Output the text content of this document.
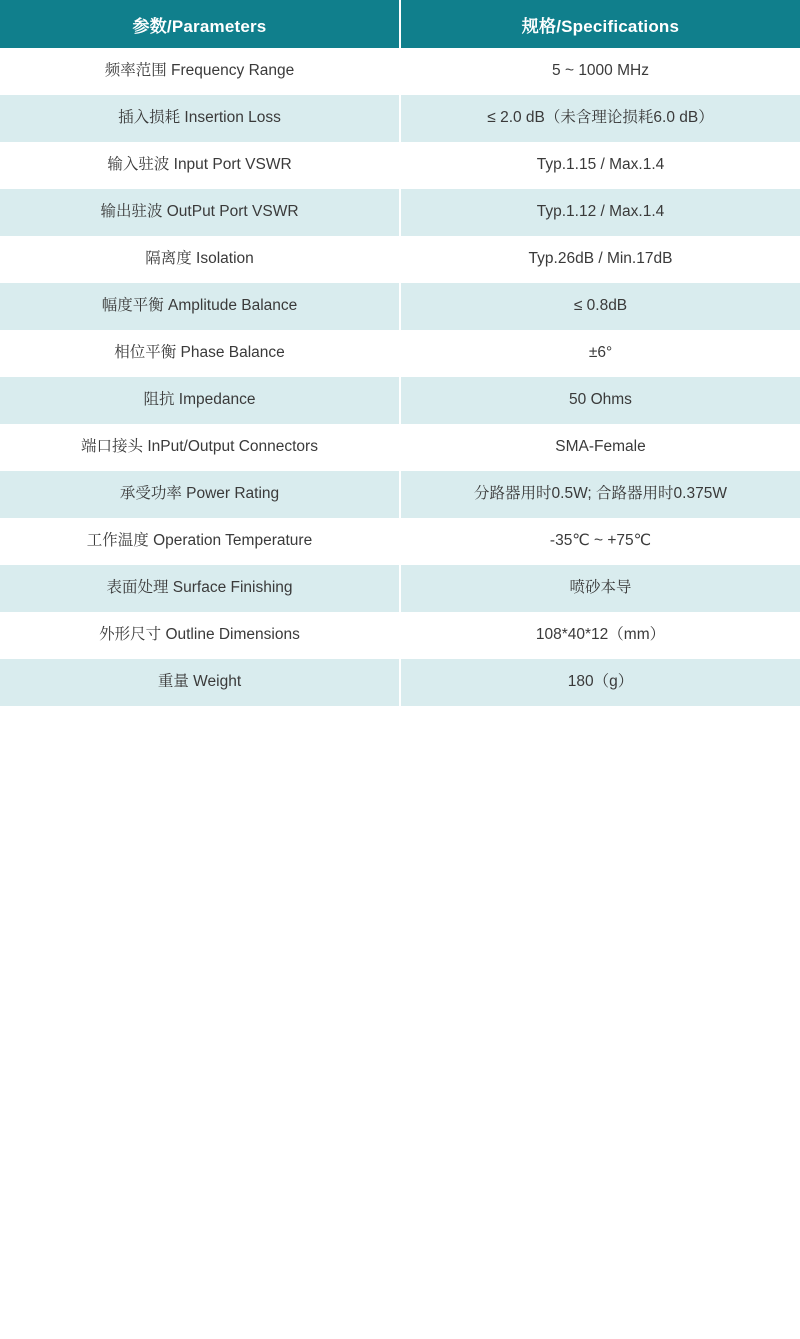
参数/Parameters	规格/Specifications
频率范围 Frequency Range	5 ~ 1000 MHz
插入损耗 Insertion Loss	≤ 2.0 dB（未含理论损耗6.0 dB）
输入驻波 Input Port VSWR	Typ.1.15 / Max.1.4
输出驻波 OutPut Port VSWR	Typ.1.12 / Max.1.4
隔离度 Isolation	Typ.26dB / Min.17dB
幅度平衡 Amplitude Balance	≤ 0.8dB
相位平衡 Phase Balance	±6°
阻抗 Impedance	50 Ohms
端口接头 InPut/Output Connectors	SMA-Female
承受功率 Power Rating	分路器用时0.5W; 合路器用时0.375W
工作温度 Operation Temperature	-35℃ ~ +75℃
表面处理 Surface Finishing	喷砂本导
外形尺寸 Outline Dimensions	108*40*12（mm）
重量 Weight	180（g）
